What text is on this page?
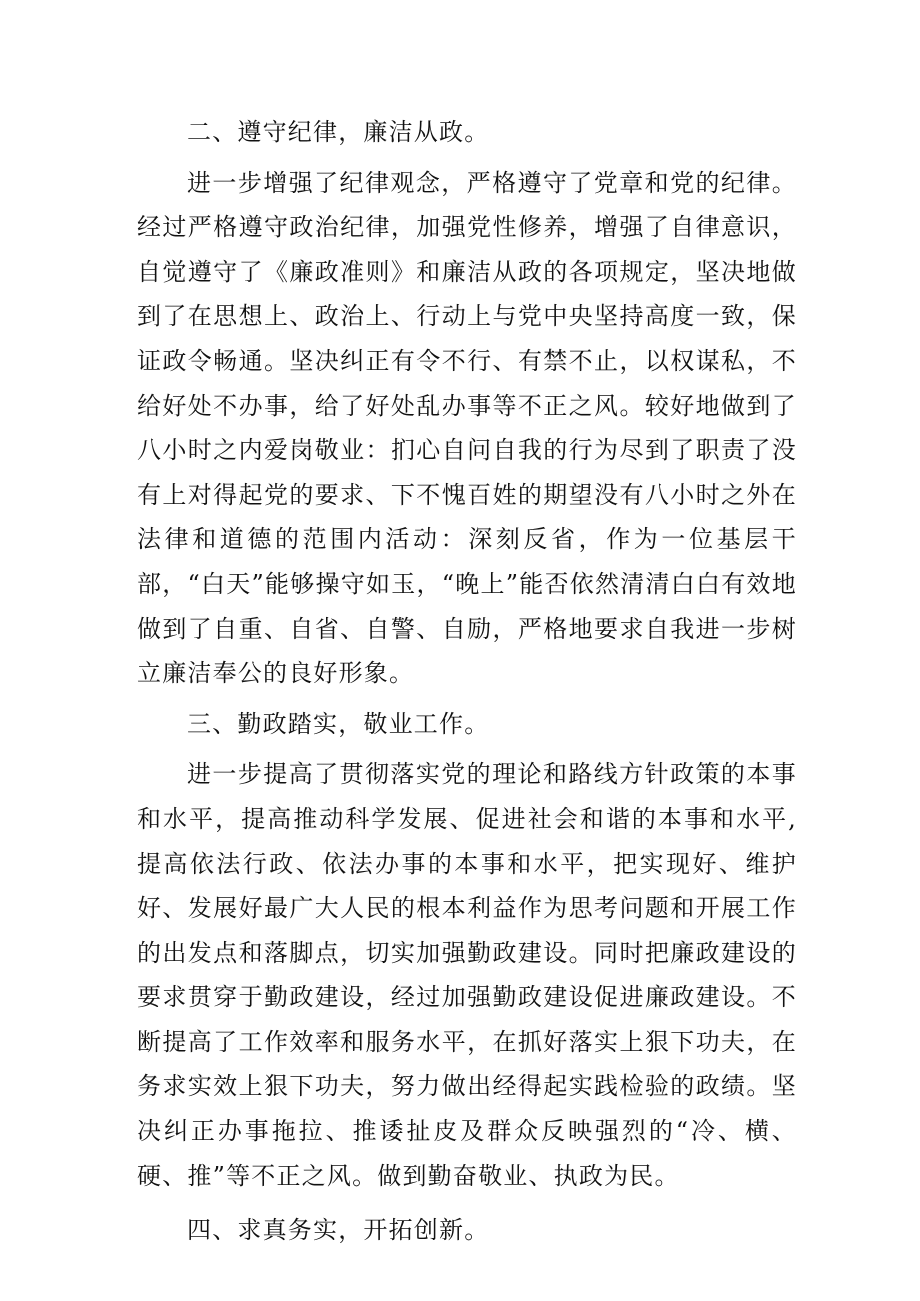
二、遵守纪律，廉洁从政。

进一步增强了纪律观念，严格遵守了党章和党的纪律。经过严格遵守政治纪律，加强党性修养，增强了自律意识，自觉遵守了《廉政准则》和廉洁从政的各项规定，坚决地做到了在思想上、政治上、行动上与党中央坚持高度一致，保证政令畅通。坚决纠正有令不行、有禁不止，以权谋私，不给好处不办事，给了好处乱办事等不正之风。较好地做到了八小时之内爱岗敬业：扪心自问自我的行为尽到了职责了没有上对得起党的要求、下不愧百姓的期望没有八小时之外在法律和道德的范围内活动：深刻反省，作为一位基层干部，“白天”能够操守如玉，“晚上”能否依然清清白白有效地做到了自重、自省、自警、自励，严格地要求自我进一步树立廉洁奉公的良好形象。

三、勤政踏实，敬业工作。

进一步提高了贯彻落实党的理论和路线方针政策的本事和水平，提高推动科学发展、促进社会和谐的本事和水平,提高依法行政、依法办事的本事和水平，把实现好、维护好、发展好最广大人民的根本利益作为思考问题和开展工作的出发点和落脚点，切实加强勤政建设。同时把廉政建设的要求贯穿于勤政建设，经过加强勤政建设促进廉政建设。不断提高了工作效率和服务水平，在抓好落实上狠下功夫，在务求实效上狠下功夫，努力做出经得起实践检验的政绩。坚决纠正办事拖拉、推诿扯皮及群众反映强烈的“冷、横、硬、推”等不正之风。做到勤奋敬业、执政为民。

四、求真务实，开拓创新。
